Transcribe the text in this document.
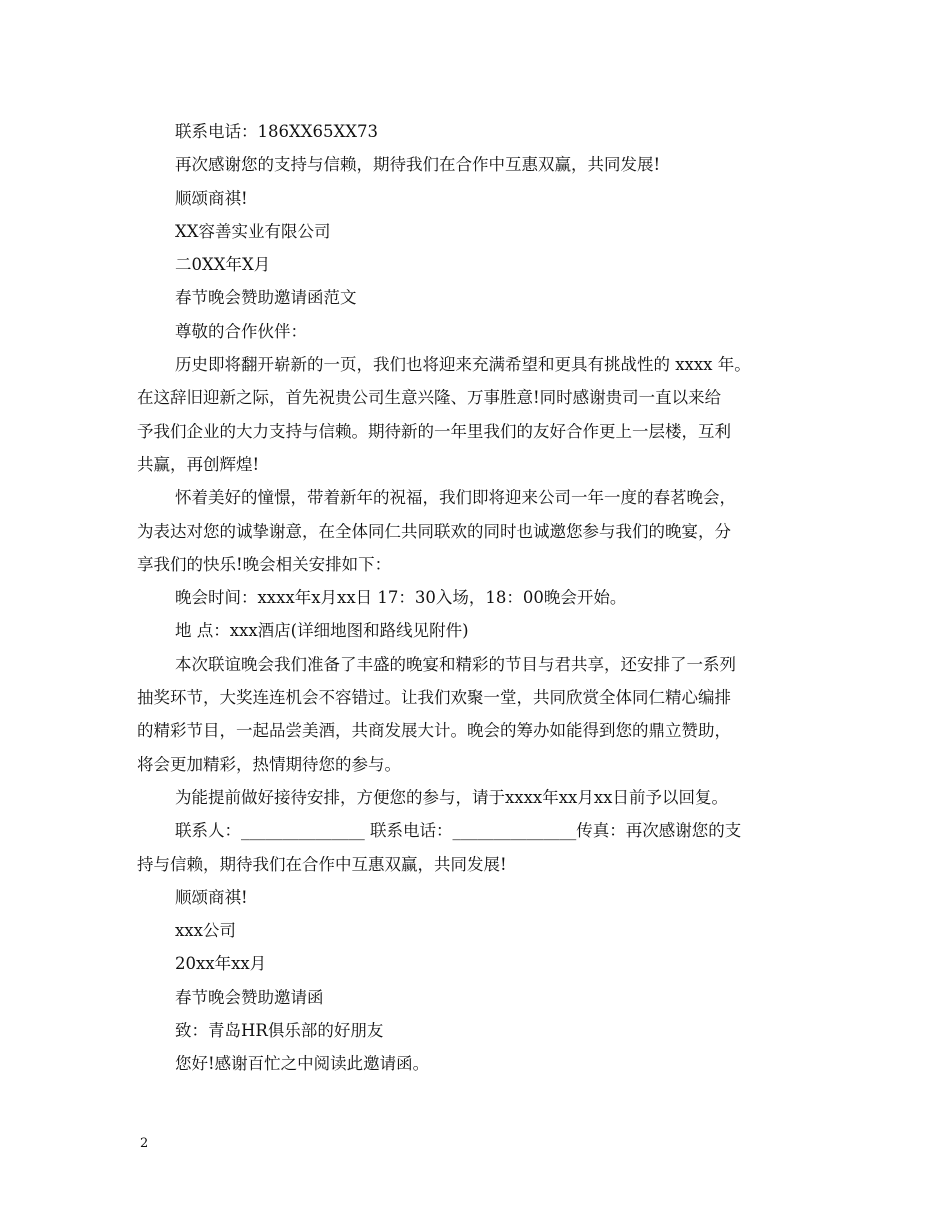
联系电话：186XX65XX73
再次感谢您的支持与信赖，期待我们在合作中互惠双赢，共同发展!
顺颂商祺!
XX容善实业有限公司
二0XX年X月
春节晚会赞助邀请函范文
尊敬的合作伙伴：
历史即将翻开崭新的一页，我们也将迎来充满希望和更具有挑战性的 xxxx 年。
在这辞旧迎新之际，首先祝贵公司生意兴隆、万事胜意!同时感谢贵司一直以来给
予我们企业的大力支持与信赖。期待新的一年里我们的友好合作更上一层楼，互利
共赢，再创辉煌!
怀着美好的憧憬，带着新年的祝福，我们即将迎来公司一年一度的春茗晚会，
为表达对您的诚挚谢意，在全体同仁共同联欢的同时也诚邀您参与我们的晚宴，分
享我们的快乐!晚会相关安排如下：
晚会时间：xxxx年x月xx日 17：30入场，18：00晚会开始。
地 点：xxx酒店(详细地图和路线见附件)
本次联谊晚会我们准备了丰盛的晚宴和精彩的节目与君共享，还安排了一系列
抽奖环节，大奖连连机会不容错过。让我们欢聚一堂，共同欣赏全体同仁精心编排
的精彩节目，一起品尝美酒，共商发展大计。晚会的筹办如能得到您的鼎立赞助，
将会更加精彩，热情期待您的参与。
为能提前做好接待安排，方便您的参与，请于xxxx年xx月xx日前予以回复。
联系人：_______________ 联系电话：_______________传真：再次感谢您的支
持与信赖，期待我们在合作中互惠双赢，共同发展!
顺颂商祺!
xxx公司
20xx年xx月
春节晚会赞助邀请函
致：青岛HR俱乐部的好朋友
您好!感谢百忙之中阅读此邀请函。
2
